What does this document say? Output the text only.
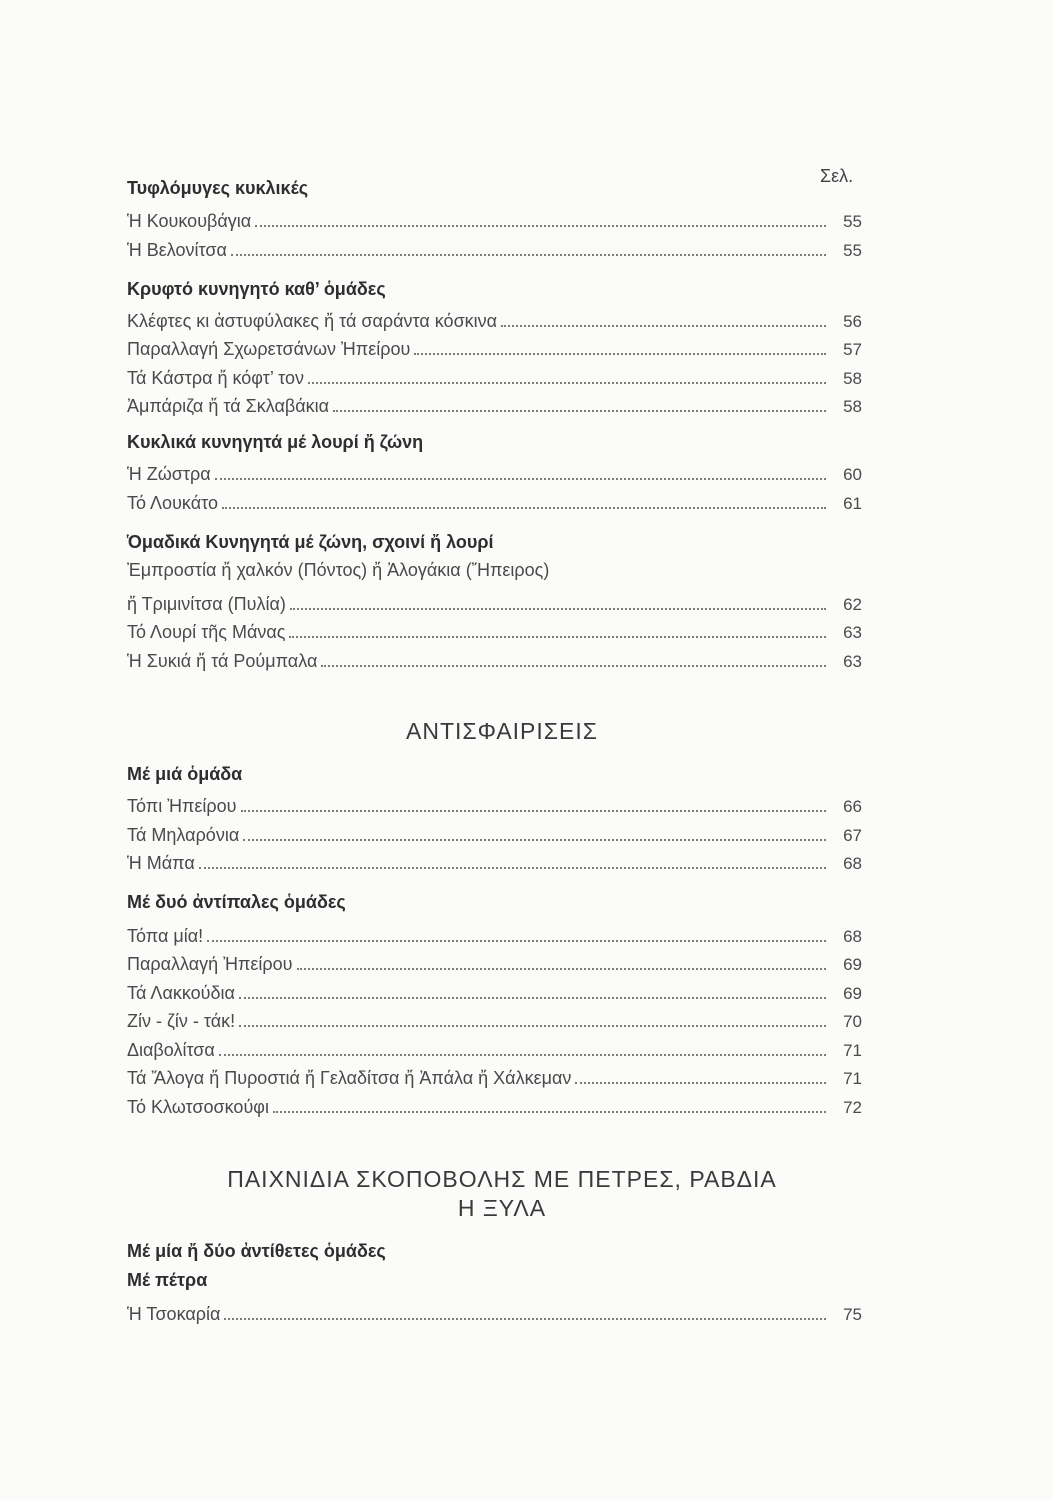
Σελ.
Τυφλόμυγες κυκλικές
Ἡ Κουκουβάγια	55
Ἡ Βελονίτσα	55
Κρυφτό κυνηγητό καθ’ ὁμάδες
Κλέφτες κι ἀστυφύλακες ἤ τά σαράντα κόσκινα	56
Παραλλαγή Σχωρετσάνων Ἠπείρου	57
Τά Κάστρα ἤ κόφτ’ τον	58
Ἀμπάριζα ἤ τά Σκλαβάκια	58
Κυκλικά κυνηγητά μέ λουρί ἤ ζώνη
Ἡ Ζώστρα	60
Τό Λουκάτο	61
Ὁμαδικά Κυνηγητά μέ ζώνη, σχοινί ἤ λουρί
Ἐμπροστία ἤ χαλκόν (Πόντος) ἤ Ἀλογάκια (Ἤπειρος)
ἤ Τριμινίτσα (Πυλία)	62
Τό Λουρί τῆς Μάνας	63
Ἡ Συκιά ἤ τά Ρούμπαλα	63
ΑΝΤΙΣΦΑΙΡΙΣΕΙΣ
Μέ μιά ὁμάδα
Τόπι Ἠπείρου	66
Τά Μηλαρόνια	67
Ἡ Μάπα	68
Μέ δυό ἀντίπαλες ὁμάδες
Τόπα μία!	68
Παραλλαγή Ἠπείρου	69
Τά Λακκούδια	69
Ζίν - ζίν - τάκ!	70
Διαβολίτσα	71
Τά Ἄλογα ἤ Πυροστιά ἤ Γελαδίτσα ἤ Ἀπάλα ἤ Χάλκεμαν	71
Τό Κλωτσοσκούφι	72
ΠΑΙΧΝΙΔΙΑ ΣΚΟΠΟΒΟΛΗΣ ΜΕ ΠΕΤΡΕΣ, ΡΑΒΔΙΑ
Η ΞΥΛΑ
Μέ μία ἤ δύο ἀντίθετες ὁμάδες
Μέ πέτρα
Ἡ Τσοκαρία	75
